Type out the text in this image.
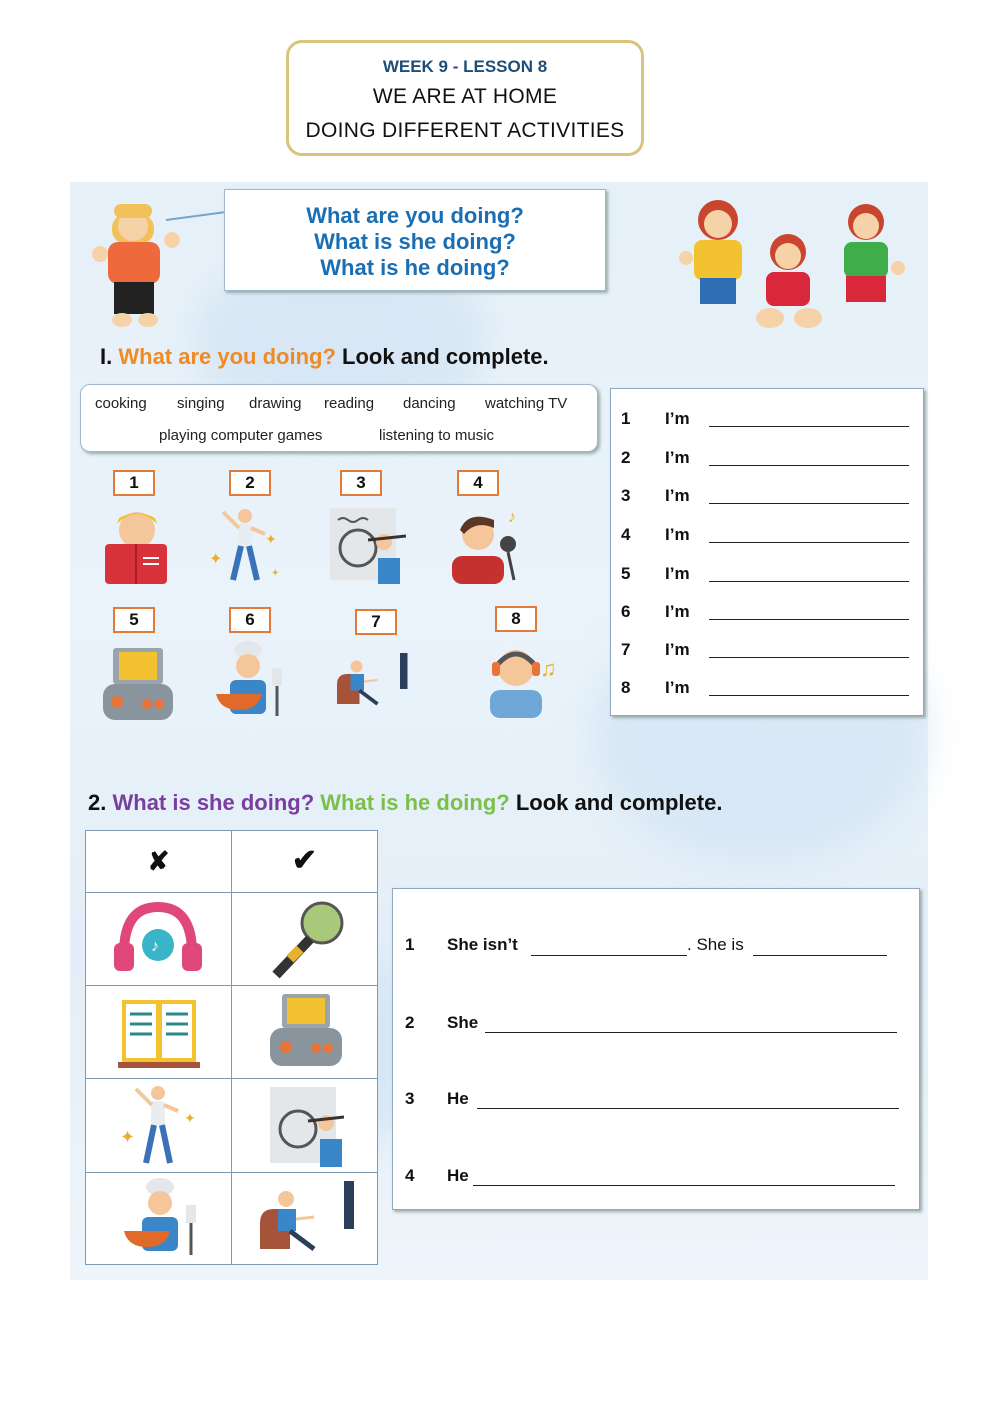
WEEK 9 - LESSON 8
WE ARE AT HOME
DOING DIFFERENT ACTIVITIES
What are you doing?
What is she doing?
What is he doing?
I. What are you doing? Look and complete.
cooking singing drawing reading dancing watching TV
playing computer games	listening to music
1	2	3	4
5	6	7	8
✦
✦
✦
♪
♫
1 I’m
2 I’m
3 I’m
4 I’m
5 I’m
6 I’m
7 I’m
8 I’m
2. What is she doing? What is he doing? Look and complete.
✘	✔
♪
✦
✦
1 She isn’t	. She is
2 She
3 He
4 He
